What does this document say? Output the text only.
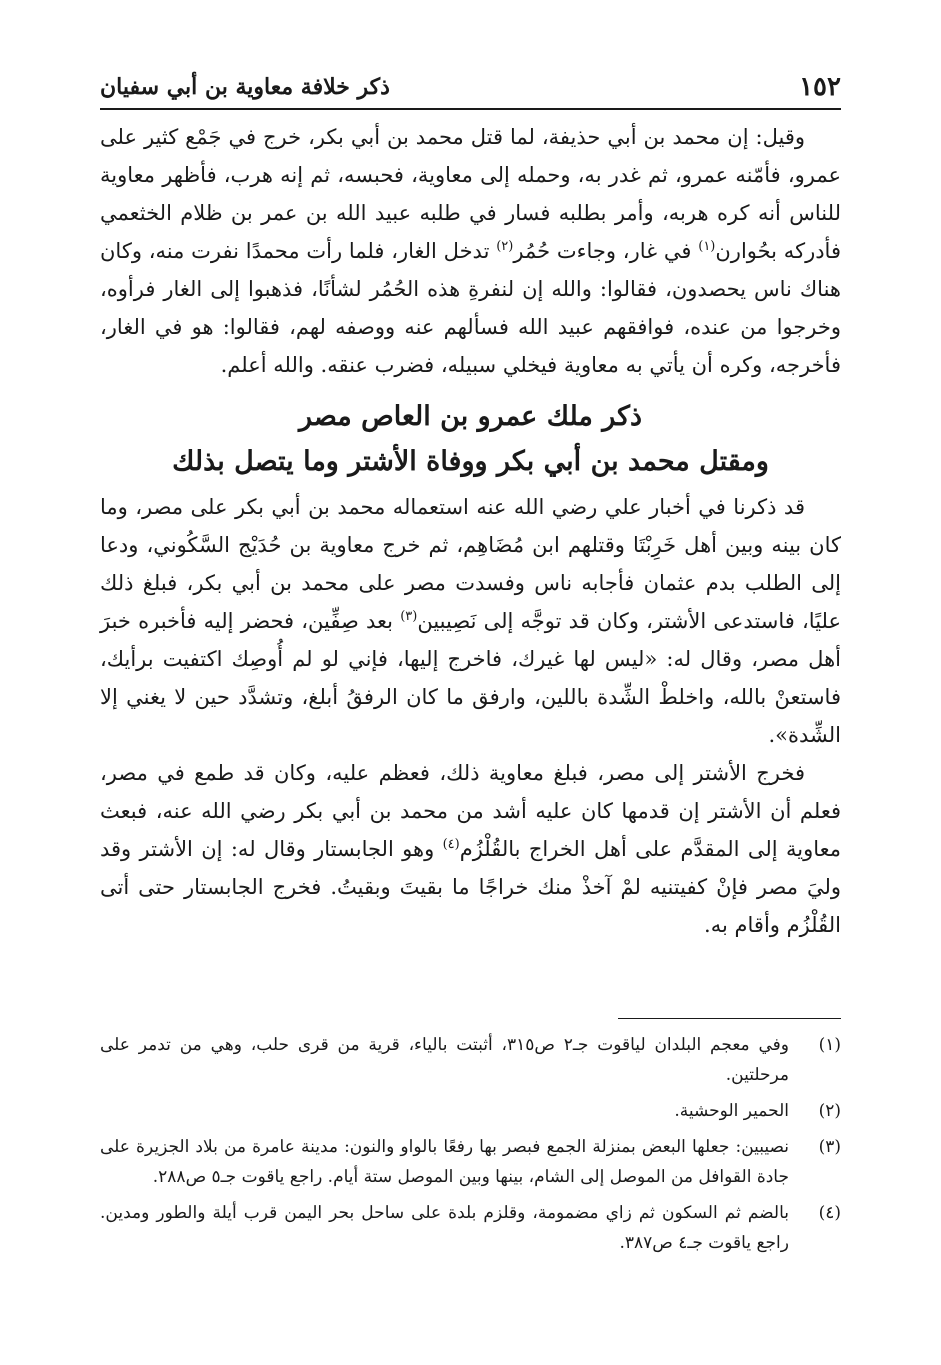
١٥٢
ذكر خلافة معاوية بن أبي سفيان

وقيل: إن محمد بن أبي حذيفة، لما قتل محمد بن أبي بكر، خرج في جَمْع كثير على عمرو، فأمّنه عمرو، ثم غدر به، وحمله إلى معاوية، فحبسه، ثم إنه هرب، فأظهر معاوية للناس أنه كره هربه، وأمر بطلبه فسار في طلبه عبيد الله بن عمر بن ظلام الخثعمي فأدركه بحُوارن$^{(١)}$ في غار، وجاءت حُمُر$^{(٢)}$ تدخل الغار، فلما رأت محمدًا نفرت منه، وكان هناك ناس يحصدون، فقالوا: والله إن لنفرةِ هذه الحُمُر لشأنًا، فذهبوا إلى الغار فرأوه، وخرجوا من عنده، فوافقهم عبيد الله فسألهم عنه ووصفه لهم، فقالوا: هو في الغار، فأخرجه، وكره أن يأتي به معاوية فيخلي سبيله، فضرب عنقه. والله أعلم.

ذكر ملك عمرو بن العاص مصر
ومقتل محمد بن أبي بكر ووفاة الأشتر وما يتصل بذلك

قد ذكرنا في أخبار علي رضي الله عنه استعماله محمد بن أبي بكر على مصر، وما كان بينه وبين أهل خَرِبْتَا وقتلهم ابن مُضَاهِم، ثم خرج معاوية بن حُدَيْج السَّكُوني، ودعا إلى الطلب بدم عثمان فأجابه ناس وفسدت مصر على محمد بن أبي بكر، فبلغ ذلك عليًا، فاستدعى الأشتر، وكان قد توجَّه إلى نَصِيبين$^{(٣)}$ بعد صِفِّين، فحضر إليه فأخبره خبرَ أهل مصر، وقال له: «ليس لها غيرك، فاخرج إليها، فإني لو لم أُوصِك اكتفيت برأيك، فاستعنْ بالله، واخلطْ الشِّدة باللين، وارفق ما كان الرفقُ أبلغ، وتشدَّد حين لا يغني إلا الشِّدة».

فخرج الأشتر إلى مصر، فبلغ معاوية ذلك، فعظم عليه، وكان قد طمع في مصر، فعلم أن الأشتر إن قدمها كان عليه أشد من محمد بن أبي بكر رضي الله عنه، فبعث معاوية إلى المقدَّم على أهل الخراج بالقُلْزُم$^{(٤)}$ وهو الجابستار وقال له: إن الأشتر وقد وليَ مصر فإنْ كفيتنيه لمْ آخذْ منك خراجًا ما بقيتَ وبقيتُ. فخرج الجابستار حتى أتى القُلْزُم وأقام به.

(١)
وفي معجم البلدان لياقوت جـ٢ ص٣١٥، أثبتت بالياء، قرية من قرى حلب، وهي من تدمر على مرحلتين.
(٢)
الحمير الوحشية.
(٣)
نصيبين: جعلها البعض بمنزلة الجمع فبصر بها رفعًا بالواو والنون: مدينة عامرة من بلاد الجزيرة على جادة القوافل من الموصل إلى الشام، بينها وبين الموصل ستة أيام. راجع ياقوت جـ٥ ص٢٨٨.
(٤)
بالضم ثم السكون ثم زاي مضمومة، وقلزم بلدة على ساحل بحر اليمن قرب أيلة والطور ومدين. راجع ياقوت جـ٤ ص٣٨٧.
